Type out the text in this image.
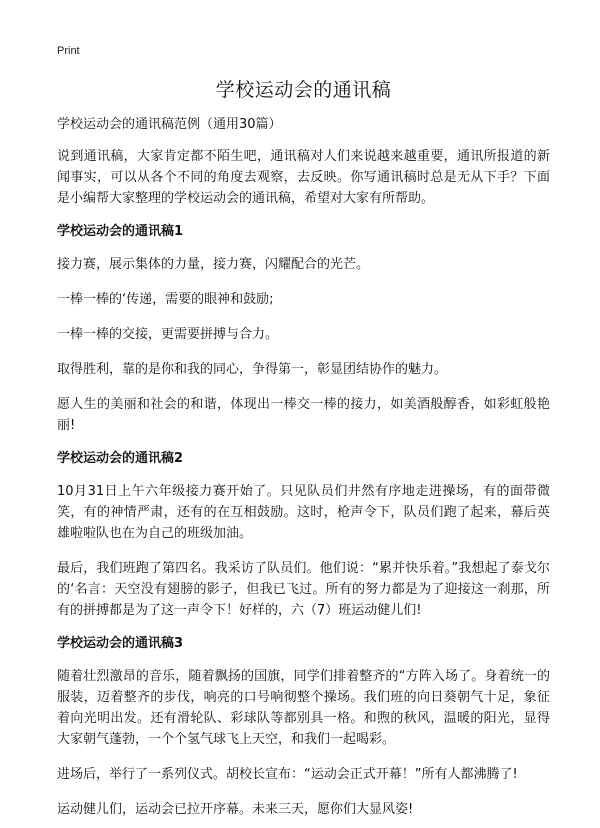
Print
学校运动会的通讯稿

学校运动会的通讯稿范例（通用30篇）

说到通讯稿，大家肯定都不陌生吧，通讯稿对人们来说越来越重要，通讯所报道的新闻事实，可以从各个不同的角度去观察，去反映。你写通讯稿时总是无从下手？下面是小编帮大家整理的学校运动会的通讯稿，希望对大家有所帮助。

学校运动会的通讯稿1

接力赛，展示集体的力量，接力赛，闪耀配合的光芒。

一棒一棒的‘传递，需要的眼神和鼓励;

一棒一棒的交接，更需要拼搏与合力。

取得胜利，靠的是你和我的同心，争得第一，彰显团结协作的魅力。

愿人生的美丽和社会的和谐，体现出一棒交一棒的接力，如美酒般醇香，如彩虹般艳丽!

学校运动会的通讯稿2

10月31日上午六年级接力赛开始了。只见队员们井然有序地走进操场，有的面带微笑，有的神情严肃，还有的在互相鼓励。这时，枪声令下，队员们跑了起来，幕后英雄啦啦队也在为自己的班级加油。

最后，我们班跑了第四名。我采访了队员们。他们说：“累并快乐着。”我想起了泰戈尔的‘名言：天空没有翅膀的影子，但我已飞过。所有的努力都是为了迎接这一刹那，所有的拼搏都是为了这一声令下！好样的，六（7）班运动健儿们!

学校运动会的通讯稿3

随着壮烈激昂的音乐，随着飘扬的国旗，同学们排着整齐的“方阵入场了。身着统一的服装，迈着整齐的步伐，响亮的口号响彻整个操场。我们班的向日葵朝气十足，象征着向光明出发。还有滑轮队、彩球队等都别具一格。和煦的秋风，温暖的阳光，显得大家朝气蓬勃，一个个氢气球飞上天空，和我们一起喝彩。

进场后，举行了一系列仪式。胡校长宣布：“运动会正式开幕！”所有人都沸腾了!

运动健儿们，运动会已拉开序幕。未来三天，愿你们大显风姿!
